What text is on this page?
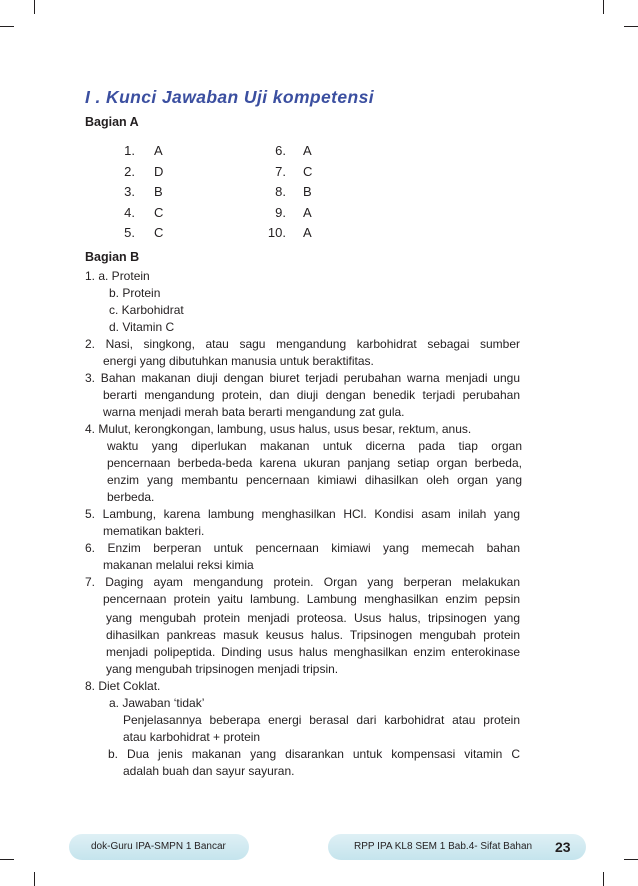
I . Kunci Jawaban Uji kompetensi
Bagian A
1. A
2. D
3. B
4. C
5. C
6. A
7. C
8. B
9. A
10. A
Bagian B
1. a. Protein
b. Protein
c. Karbohidrat
d. Vitamin C
2. Nasi, singkong, atau sagu mengandung karbohidrat sebagai sumber
energi yang dibutuhkan manusia untuk beraktifitas.
3. Bahan makanan diuji dengan biuret terjadi perubahan warna menjadi ungu
berarti mengandung protein, dan diuji dengan benedik terjadi perubahan
warna menjadi merah bata berarti mengandung zat gula.
4. Mulut, kerongkongan, lambung, usus halus, usus besar, rektum, anus.
waktu yang diperlukan makanan untuk dicerna pada tiap organ
pencernaan berbeda-beda karena ukuran panjang setiap organ berbeda,
enzim yang membantu pencernaan kimiawi dihasilkan oleh organ yang
berbeda.
5. Lambung, karena lambung menghasilkan HCl. Kondisi asam inilah yang
mematikan bakteri.
6. Enzim berperan untuk pencernaan kimiawi yang memecah bahan
makanan melalui reksi kimia
7. Daging ayam mengandung protein. Organ yang berperan melakukan
pencernaan protein yaitu lambung. Lambung menghasilkan enzim pepsin
yang mengubah protein menjadi proteosa. Usus halus, tripsinogen yang
dihasilkan pankreas masuk keusus halus. Tripsinogen mengubah protein
menjadi polipeptida. Dinding usus halus menghasilkan enzim enterokinase
yang mengubah tripsinogen menjadi tripsin.
8. Diet Coklat.
a. Jawaban ‘tidak’
Penjelasannya beberapa energi berasal dari karbohidrat atau protein
atau karbohidrat + protein
b. Dua jenis makanan yang disarankan untuk kompensasi vitamin C
adalah buah dan sayur sayuran.
dok-Guru IPA-SMPN 1 Bancar	RPP IPA KL8 SEM 1 Bab.4- Sifat Bahan 23
